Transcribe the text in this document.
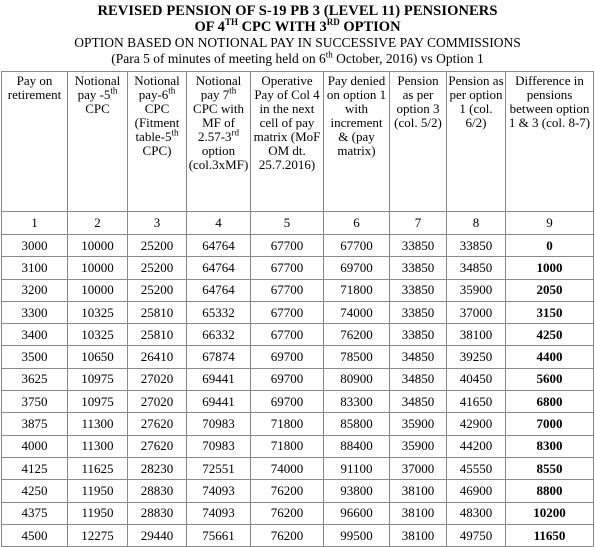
REVISED PENSION OF S-19 PB 3 (LEVEL 11) PENSIONERS
OF 4TH CPC WITH 3RD OPTION
OPTION BASED ON NOTIONAL PAY IN SUCCESSIVE PAY COMMISSIONS
(Para 5 of minutes of meeting held on 6th October, 2016) vs Option 1
Pay on retirement	Notional pay -5th CPC	Notional pay-6th CPC (Fitment table-5th CPC)	Notional pay 7th CPC with MF of 2.57-3rd option (col.3xMF)	Operative Pay of Col 4 in the next cell of pay matrix (MoF OM dt. 25.7.2016)	Pay denied on option 1 with increment & (pay matrix)	Pension as per option 3 (col. 5/2)	Pension as per option 1 (col. 6/2)	Difference in pensions between option 1 & 3 (col. 8-7)
1	2	3	4	5	6	7	8	9
3000	10000	25200	64764	67700	67700	33850	33850	0
3100	10000	25200	64764	67700	69700	33850	34850	1000
3200	10000	25200	64764	67700	71800	33850	35900	2050
3300	10325	25810	65332	67700	74000	33850	37000	3150
3400	10325	25810	66332	67700	76200	33850	38100	4250
3500	10650	26410	67874	69700	78500	34850	39250	4400
3625	10975	27020	69441	69700	80900	34850	40450	5600
3750	10975	27020	69441	69700	83300	34850	41650	6800
3875	11300	27620	70983	71800	85800	35900	42900	7000
4000	11300	27620	70983	71800	88400	35900	44200	8300
4125	11625	28230	72551	74000	91100	37000	45550	8550
4250	11950	28830	74093	76200	93800	38100	46900	8800
4375	11950	28830	74093	76200	96600	38100	48300	10200
4500	12275	29440	75661	76200	99500	38100	49750	11650
